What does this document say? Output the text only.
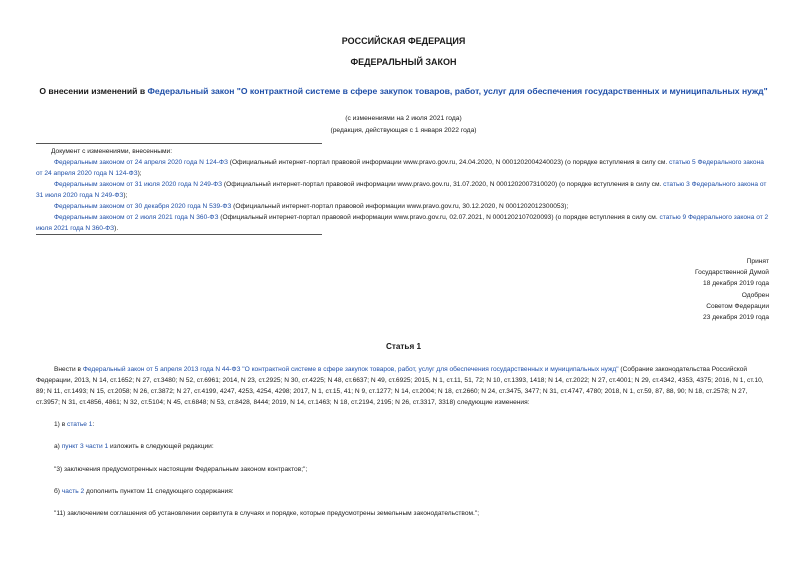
РОССИЙСКАЯ ФЕДЕРАЦИЯ
ФЕДЕРАЛЬНЫЙ ЗАКОН
О внесении изменений в Федеральный закон "О контрактной системе в сфере закупок товаров, работ, услуг для обеспечения государственных и муниципальных нужд"
(с изменениями на 2 июля 2021 года)
(редакция, действующая с 1 января 2022 года)

Документ с изменениями, внесенными:

Федеральным законом от 24 апреля 2020 года N 124-ФЗ (Официальный интернет-портал правовой информации www.pravo.gov.ru, 24.04.2020, N 0001202004240023) (о порядке вступления в силу см. статью 5 Федерального закона от 24 апреля 2020 года N 124-ФЗ);

Федеральным законом от 31 июля 2020 года N 249-ФЗ (Официальный интернет-портал правовой информации www.pravo.gov.ru, 31.07.2020, N 0001202007310020) (о порядке вступления в силу см. статью 3 Федерального закона от 31 июля 2020 года N 249-ФЗ);

Федеральным законом от 30 декабря 2020 года N 539-ФЗ (Официальный интернет-портал правовой информации www.pravo.gov.ru, 30.12.2020, N 0001202012300053);

Федеральным законом от 2 июля 2021 года N 360-ФЗ (Официальный интернет-портал правовой информации www.pravo.gov.ru, 02.07.2021, N 0001202107020093) (о порядке вступления в силу см. статью 9 Федерального закона от 2 июля 2021 года N 360-ФЗ).

Принят
Государственной Думой
18 декабря 2019 года
Одобрен
Советом Федерации
23 декабря 2019 года
Статья 1

Внести в Федеральный закон от 5 апреля 2013 года N 44-ФЗ "О контрактной системе в сфере закупок товаров, работ, услуг для обеспечения государственных и муниципальных нужд" (Собрание законодательства Российской Федерации, 2013, N 14, ст.1652; N 27, ст.3480; N 52, ст.6961; 2014, N 23, ст.2925; N 30, ст.4225; N 48, ст.6637; N 49, ст.6925; 2015, N 1, ст.11, 51, 72; N 10, ст.1393, 1418; N 14, ст.2022; N 27, ст.4001; N 29, ст.4342, 4353, 4375; 2016, N 1, ст.10, 89; N 11, ст.1493; N 15, ст.2058; N 26, ст.3872; N 27, ст.4199, 4247, 4253, 4254, 4298; 2017, N 1, ст.15, 41; N 9, ст.1277; N 14, ст.2004; N 18, ст.2660; N 24, ст.3475, 3477; N 31, ст.4747, 4780; 2018, N 1, ст.59, 87, 88, 90; N 18, ст.2578; N 27, ст.3957; N 31, ст.4856, 4861; N 32, ст.5104; N 45, ст.6848; N 53, ст.8428, 8444; 2019, N 14, ст.1463; N 18, ст.2194, 2195; N 26, ст.3317, 3318) следующие изменения:

1) в статье 1:

а) пункт 3 части 1 изложить в следующей редакции:

"3) заключения предусмотренных настоящим Федеральным законом контрактов;";

б) часть 2 дополнить пунктом 11 следующего содержания:

"11) заключением соглашения об установлении сервитута в случаях и порядке, которые предусмотрены земельным законодательством.";
